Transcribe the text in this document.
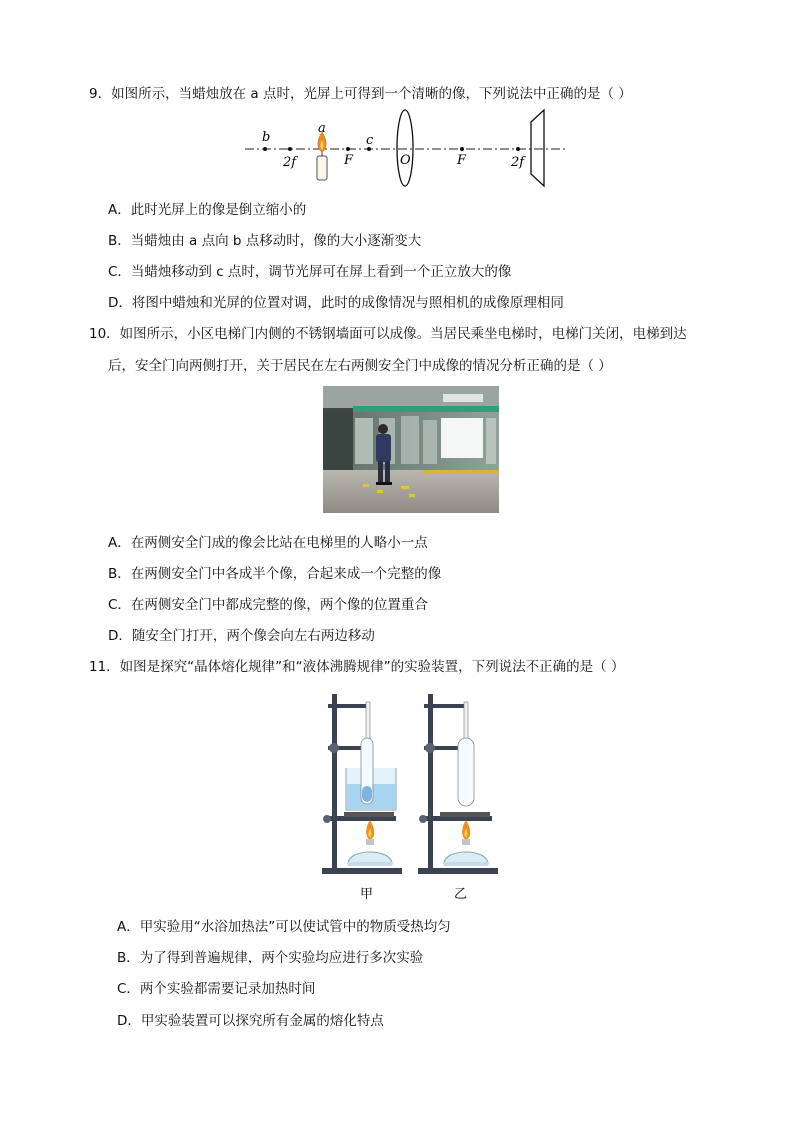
9．如图所示，当蜡烛放在 a 点时，光屏上可得到一个清晰的像，下列说法中正确的是（ ）
b
a
c
2f	F	O	F	2f
A．此时光屏上的像是倒立缩小的
B．当蜡烛由 a 点向 b 点移动时，像的大小逐渐变大
C．当蜡烛移动到 c 点时，调节光屏可在屏上看到一个正立放大的像
D．将图中蜡烛和光屏的位置对调，此时的成像情况与照相机的成像原理相同
10．如图所示，小区电梯门内侧的不锈钢墙面可以成像。当居民乘坐电梯时，电梯门关闭，电梯到达
后，安全门向两侧打开，关于居民在左右两侧安全门中成像的情况分析正确的是（ ）
A．在两侧安全门成的像会比站在电梯里的人略小一点
B．在两侧安全门中各成半个像，合起来成一个完整的像
C．在两侧安全门中都成完整的像，两个像的位置重合
D．随安全门打开，两个像会向左右两边移动
11．如图是探究“晶体熔化规律”和“液体沸腾规律”的实验装置，下列说法不正确的是（ ）
甲	乙
A．甲实验用“水浴加热法”可以使试管中的物质受热均匀
B．为了得到普遍规律，两个实验均应进行多次实验
C．两个实验都需要记录加热时间
D．甲实验装置可以探究所有金属的熔化特点
